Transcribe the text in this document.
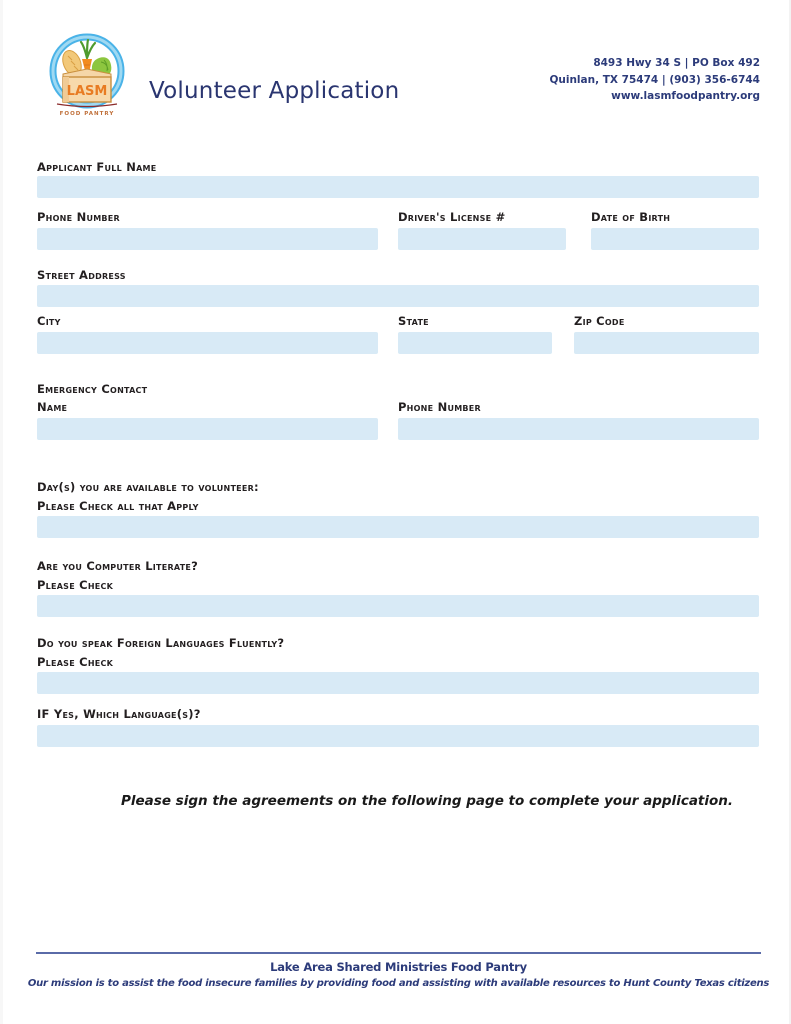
LASM
FOOD PANTRY
Volunteer Application
8493 Hwy 34 S | PO Box 492
Quinlan, TX 75474 | (903) 356-6744
www.lasmfoodpantry.org
Applicant Full Name
Phone Number	Driver's License #	Date of Birth
Street Address
City	State	Zip Code
Emergency Contact
Name	Phone Number
Day(s) you are available to volunteer:
Please Check all that Apply
Are you Computer Literate?
Please Check
Do you speak Foreign Languages Fluently?
Please Check
IF Yes, Which Language(s)?
Please sign the agreements on the following page to complete your application.
Lake Area Shared Ministries Food Pantry
Our mission is to assist the food insecure families by providing food and assisting with available resources to Hunt County Texas citizens
